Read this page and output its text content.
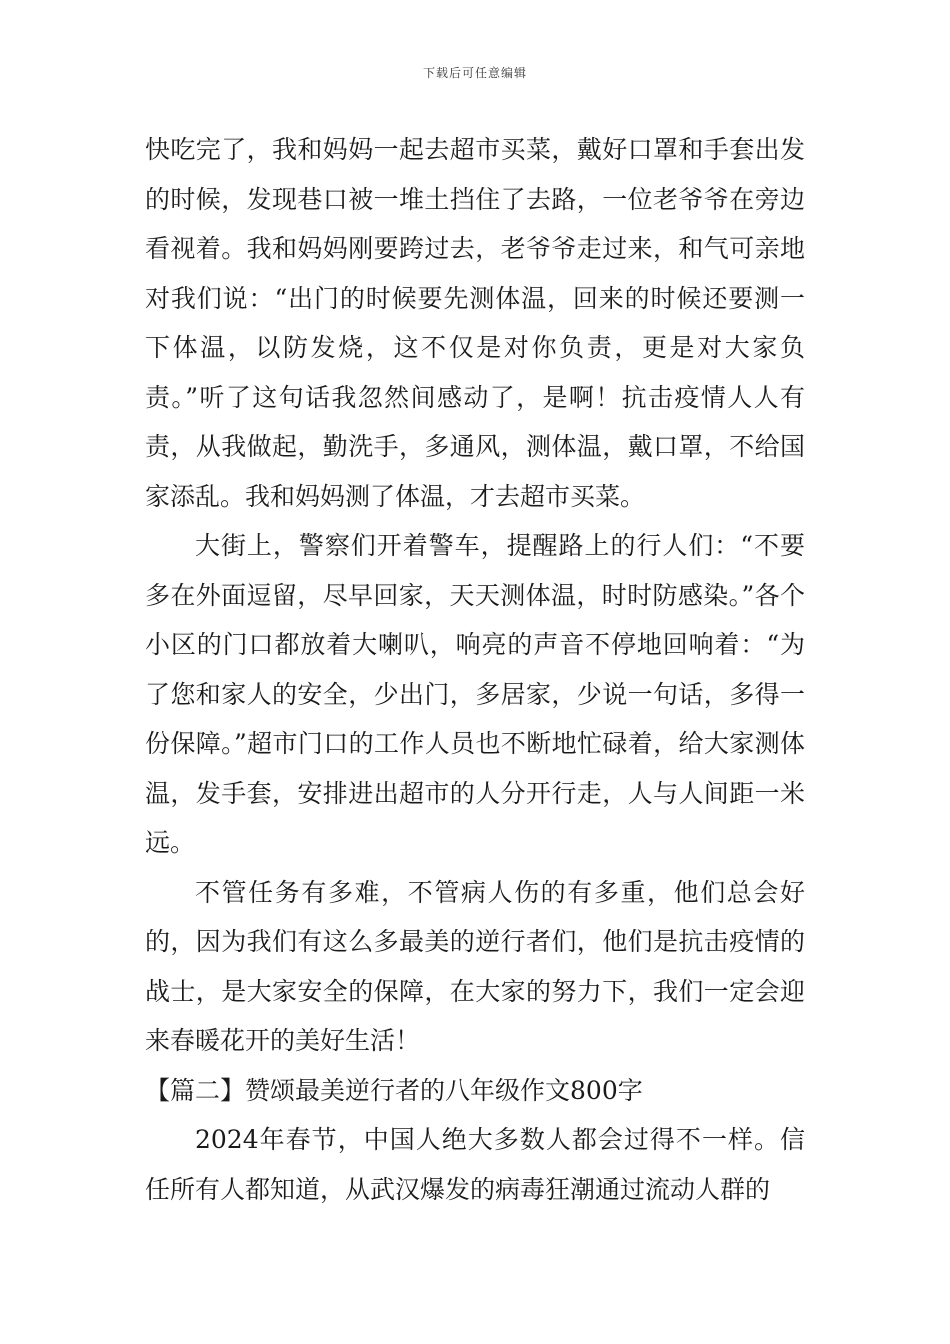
下载后可任意编辑

快吃完了，我和妈妈一起去超市买菜，戴好口罩和手套出发的时候，发现巷口被一堆土挡住了去路，一位老爷爷在旁边看视着。我和妈妈刚要跨过去，老爷爷走过来，和气可亲地对我们说：“出门的时候要先测体温，回来的时候还要测一下体温，以防发烧，这不仅是对你负责，更是对大家负责。”听了这句话我忽然间感动了，是啊！抗击疫情人人有责，从我做起，勤洗手，多通风，测体温，戴口罩，不给国家添乱。我和妈妈测了体温，才去超市买菜。

大街上，警察们开着警车，提醒路上的行人们：“不要多在外面逗留，尽早回家，天天测体温，时时防感染。”各个小区的门口都放着大喇叭，响亮的声音不停地回响着：“为了您和家人的安全，少出门，多居家，少说一句话，多得一份保障。”超市门口的工作人员也不断地忙碌着，给大家测体温，发手套，安排进出超市的人分开行走，人与人间距一米远。

不管任务有多难，不管病人伤的有多重，他们总会好的，因为我们有这么多最美的逆行者们，他们是抗击疫情的战士，是大家安全的保障，在大家的努力下，我们一定会迎来春暖花开的美好生活！

【篇二】赞颂最美逆行者的八年级作文800字

2024年春节，中国人绝大多数人都会过得不一样。信任所有人都知道，从武汉爆发的病毒狂潮通过流动人群的
